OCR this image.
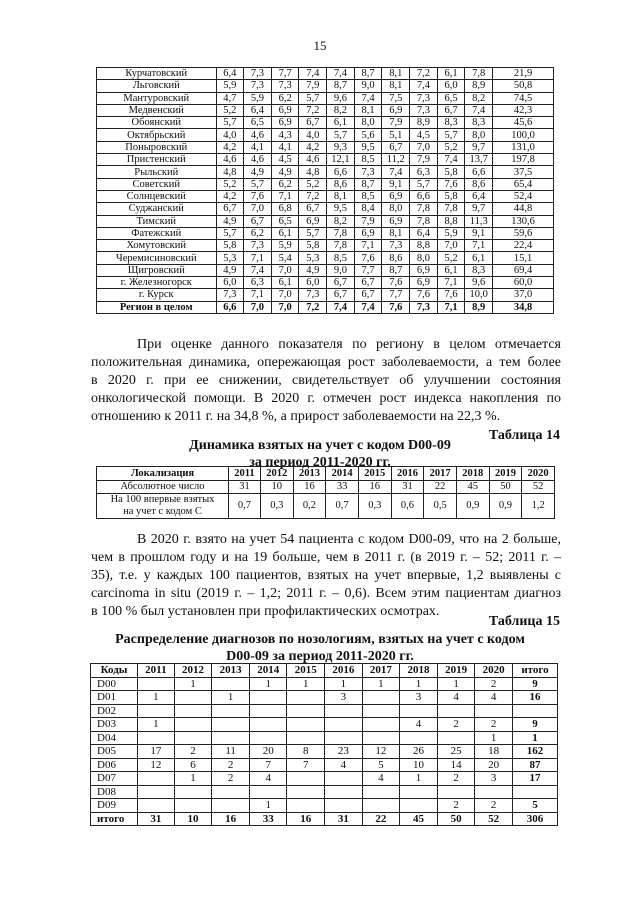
15
Курчатовский	6,4	7,3	7,7	7,4	7,4	8,7	8,1	7,2	6,1	7,8	21,9
Льговский	5,9	7,3	7,3	7,9	8,7	9,0	8,1	7,4	6,0	8,9	50,8
Мантуровский	4,7	5,9	6,2	5,7	9,6	7,4	7,5	7,3	6,5	8,2	74,5
Медвенский	5,2	6,4	6,9	7,2	8,2	8,1	6,9	7,3	6,7	7,4	42,3
Обоянский	5,7	6,5	6,9	6,7	6,1	8,0	7,9	8,9	8,3	8,3	45,6
Октябрьский	4,0	4,6	4,3	4,0	5,7	5,6	5,1	4,5	5,7	8,0	100,0
Поныровский	4,2	4,1	4,1	4,2	9,3	9,5	6,7	7,0	5,2	9,7	131,0
Пристенский	4,6	4,6	4,5	4,6	12,1	8,5	11,2	7,9	7,4	13,7	197,8
Рыльский	4,8	4,9	4,9	4,8	6,6	7,3	7,4	6,3	5,8	6,6	37,5
Советский	5,2	5,7	6,2	5,2	8,6	8,7	9,1	5,7	7,6	8,6	65,4
Солнцевский	4,2	7,6	7,1	7,2	8,1	8,5	6,9	6,6	5,8	6,4	52,4
Суджанский	6,7	7,0	6,8	6,7	9,5	8,4	8,0	7,8	7,8	9,7	44,8
Тимский	4,9	6,7	6,5	6,9	8,2	7,9	6,9	7,8	8,8	11,3	130,6
Фатежский	5,7	6,2	6,1	5,7	7,8	6,9	8,1	6,4	5,9	9,1	59,6
Хомутовский	5,8	7,3	5,9	5,8	7,8	7,1	7,3	8,8	7,0	7,1	22,4
Черемисиновский	5,3	7,1	5,4	5,3	8,5	7,6	8,6	8,0	5,2	6,1	15,1
Щигровский	4,9	7,4	7,0	4,9	9,0	7,7	8,7	6,9	6,1	8,3	69,4
г. Железногорск	6,0	6,3	6,1	6,0	6,7	6,7	7,6	6,9	7,1	9,6	60,0
г. Курск	7,3	7,1	7,0	7,3	6,7	6,7	7,7	7,6	7,6	10,0	37,0
Регион в целом	6,6	7,0	7,0	7,2	7,4	7,4	7,6	7,3	7,1	8,9	34,8
При оценке данного показателя по региону в целом отмечается
положительная динамика, опережающая рост заболеваемости, а тем более
в 2020 г. при ее снижении, свидетельствует об улучшении состояния
онкологической помощи. В 2020 г. отмечен рост индекса накопления по
отношению к 2011 г. на 34,8 %, а прирост заболеваемости на 22,3 %.
Таблица 14
Динамика взятых на учет с кодом D00-09
за период 2011-2020 гг.
Локализация	2011	2012	2013	2014	2015	2016	2017	2018	2019	2020
Абсолютное число	31	10	16	33	16	31	22	45	50	52

На 100 впервые взятых
на учет с кодом С	0,7	0,3	0,2	0,7	0,3	0,6	0,5	0,9	0,9	1,2
В 2020 г. взято на учет 54 пациента с кодом D00-09, что на 2 больше,
чем в прошлом году и на 19 больше, чем в 2011 г. (в 2019 г. – 52; 2011 г. –
35), т.е. у каждых 100 пациентов, взятых на учет впервые, 1,2 выявлены с
carcinoma in situ (2019 г. – 1,2; 2011 г. – 0,6). Всем этим пациентам диагноз
в 100 % был установлен при профилактических осмотрах.
Таблица 15
Распределение диагнозов по нозологиям, взятых на учет с кодом
D00-09 за период 2011-2020 гг.
Коды	2011	2012	2013	2014	2015	2016	2017	2018	2019	2020	итого
D00		1		1	1	1	1	1	1	2	9
D01	1		1			3		3	4	4	16
D02											
D03	1							4	2	2	9
D04										1	1
D05	17	2	11	20	8	23	12	26	25	18	162
D06	12	6	2	7	7	4	5	10	14	20	87
D07		1	2	4			4	1	2	3	17
D08											
D09				1					2	2	5
итого	31	10	16	33	16	31	22	45	50	52	306
